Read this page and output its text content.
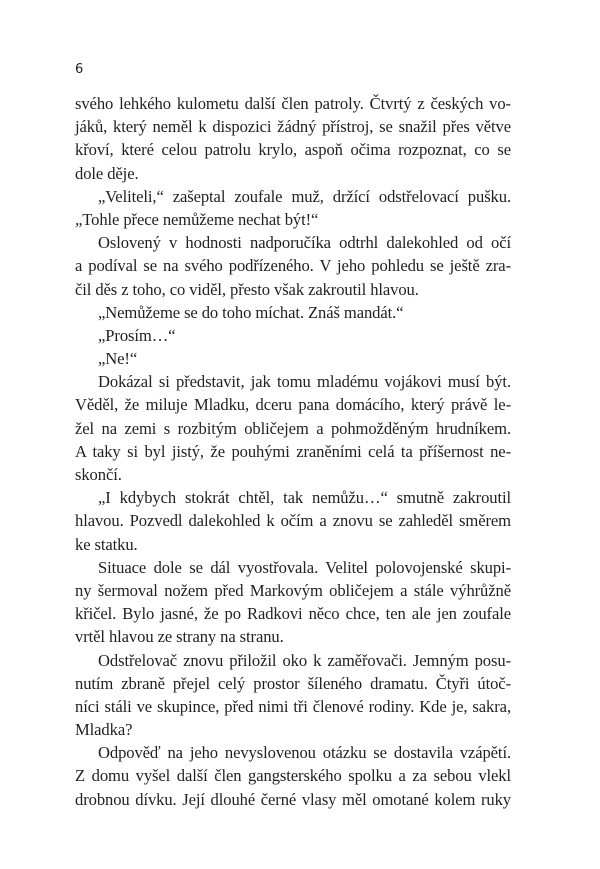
6
svého lehkého kulometu další člen patroly. Čtvrtý z českých vo-
jáků, který neměl k dispozici žádný přístroj, se snažil přes větve
křoví, které celou patrolu krylo, aspoň očima rozpoznat, co se
dole děje.
„Veliteli,“ zašeptal zoufale muž, držící odstřelovací pušku.
„Tohle přece nemůžeme nechat být!“
Oslovený v hodnosti nadporučíka odtrhl dalekohled od očí
a podíval se na svého podřízeného. V jeho pohledu se ještě zra-
čil děs z toho, co viděl, přesto však zakroutil hlavou.
„Nemůžeme se do toho míchat. Znáš mandát.“
„Prosím…“
„Ne!“
Dokázal si představit, jak tomu mladému vojákovi musí být.
Věděl, že miluje Mladku, dceru pana domácího, který právě le-
žel na zemi s rozbitým obličejem a pohmožděným hrudníkem.
A taky si byl jistý, že pouhými zraněními celá ta příšernost ne-
skončí.
„I kdybych stokrát chtěl, tak nemůžu…“ smutně zakroutil
hlavou. Pozvedl dalekohled k očím a znovu se zahleděl směrem
ke statku.
Situace dole se dál vyostřovala. Velitel polovojenské skupi-
ny šermoval nožem před Markovým obličejem a stále výhrůžně
křičel. Bylo jasné, že po Radkovi něco chce, ten ale jen zoufale
vrtěl hlavou ze strany na stranu.
Odstřelovač znovu přiložil oko k zaměřovači. Jemným posu-
nutím zbraně přejel celý prostor šíleného dramatu. Čtyři útoč-
níci stáli ve skupince, před nimi tři členové rodiny. Kde je, sakra,
Mladka?
Odpověď na jeho nevyslovenou otázku se dostavila vzápětí.
Z domu vyšel další člen gangsterského spolku a za sebou vlekl
drobnou dívku. Její dlouhé černé vlasy měl omotané kolem ruky
